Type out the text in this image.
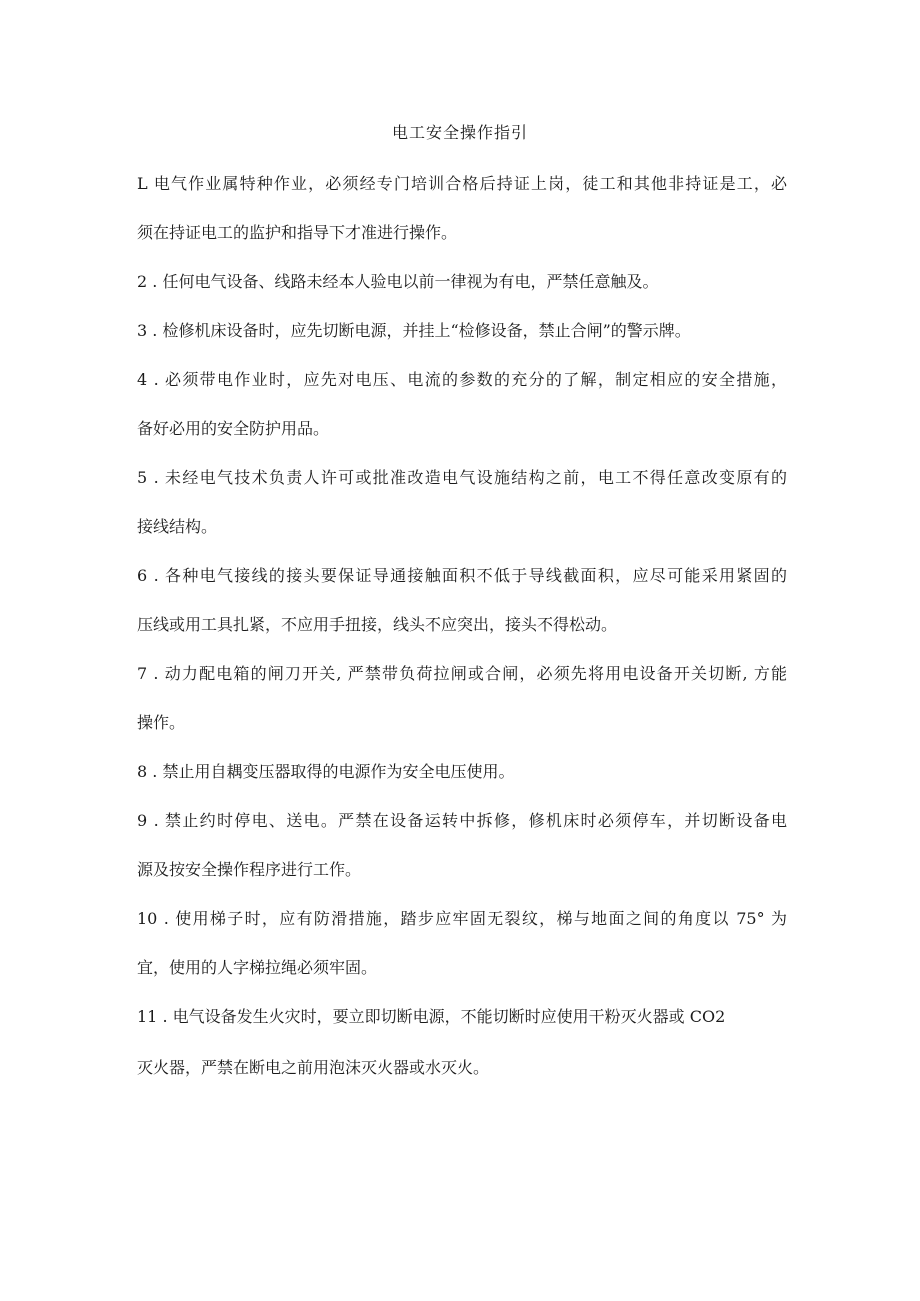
电工安全操作指引
L 电气作业属特种作业，必须经专门培训合格后持证上岗，徒工和其他非持证是工，必
须在持证电工的监护和指导下才准进行操作。
2 . 任何电气设备、线路未经本人验电以前一律视为有电，严禁任意触及。
3 . 检修机床设备时，应先切断电源，并挂上“检修设备，禁止合闸”的警示牌。
4 . 必须带电作业时，应先对电压、电流的参数的充分的了解，制定相应的安全措施，
备好必用的安全防护用品。
5 . 未经电气技术负责人许可或批准改造电气设施结构之前，电工不得任意改变原有的
接线结构。
6 . 各种电气接线的接头要保证导通接触面积不低于导线截面积，应尽可能采用紧固的
压线或用工具扎紧，不应用手扭接，线头不应突出，接头不得松动。
7 . 动力配电箱的闸刀开关, 严禁带负荷拉闸或合闸，必须先将用电设备开关切断, 方能
操作。
8 . 禁止用自耦变压器取得的电源作为安全电压使用。
9 . 禁止约时停电、送电。严禁在设备运转中拆修，修机床时必须停车，并切断设备电
源及按安全操作程序进行工作。
10 . 使用梯子时，应有防滑措施，踏步应牢固无裂纹，梯与地面之间的角度以 75° 为
宜，使用的人字梯拉绳必须牢固。
11 . 电气设备发生火灾时，要立即切断电源，不能切断时应使用干粉灭火器或 CO2
灭火器，严禁在断电之前用泡沫灭火器或水灭火。
